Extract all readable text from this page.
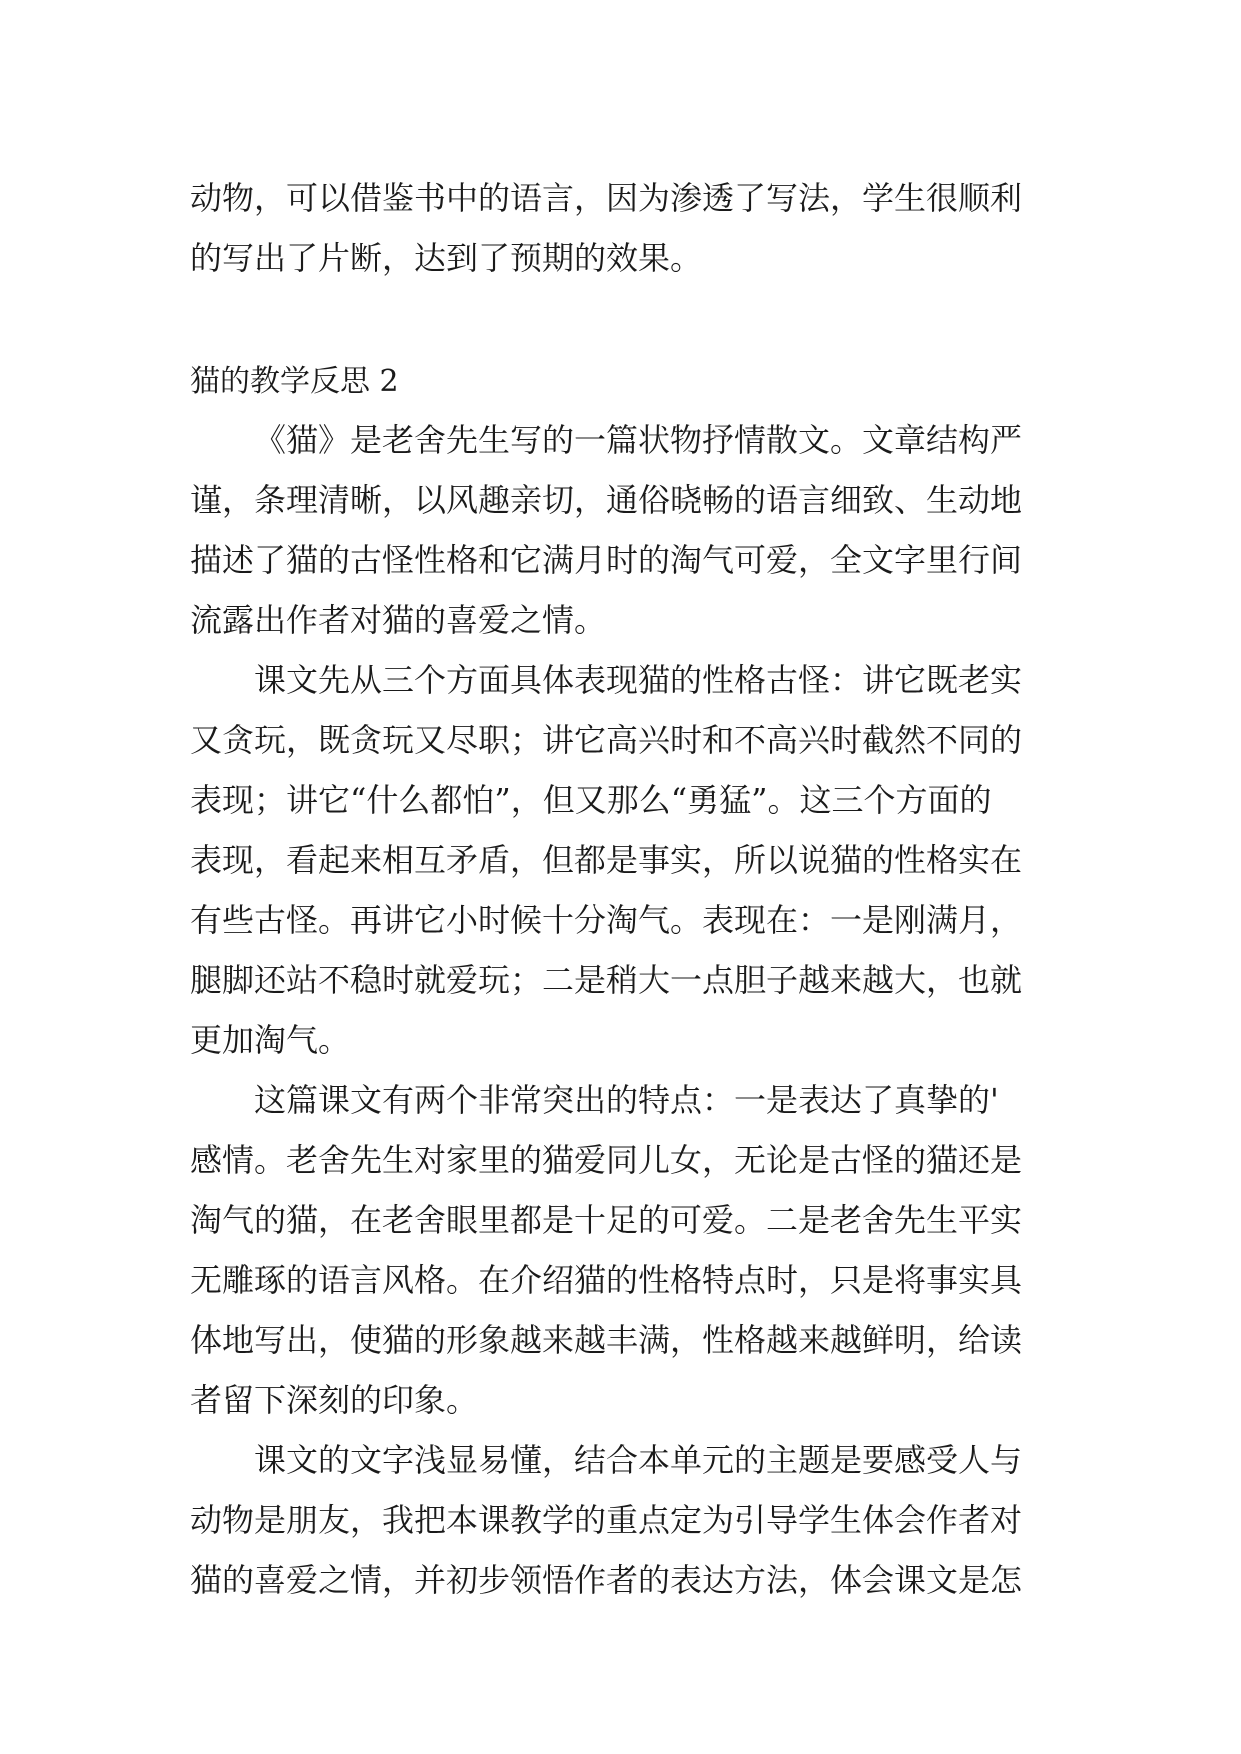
动物，可以借鉴书中的语言，因为渗透了写法，学生很顺利
的写出了片断，达到了预期的效果。
猫的教学反思 2
《猫》是老舍先生写的一篇状物抒情散文。文章结构严
谨，条理清晰，以风趣亲切，通俗晓畅的语言细致、生动地
描述了猫的古怪性格和它满月时的淘气可爱，全文字里行间
流露出作者对猫的喜爱之情。
课文先从三个方面具体表现猫的性格古怪：讲它既老实
又贪玩，既贪玩又尽职；讲它高兴时和不高兴时截然不同的
表现；讲它“什么都怕”，但又那么“勇猛”。这三个方面的
表现，看起来相互矛盾，但都是事实，所以说猫的性格实在
有些古怪。再讲它小时候十分淘气。表现在：一是刚满月，
腿脚还站不稳时就爱玩；二是稍大一点胆子越来越大，也就
更加淘气。
这篇课文有两个非常突出的特点：一是表达了真挚的'
感情。老舍先生对家里的猫爱同儿女，无论是古怪的猫还是
淘气的猫，在老舍眼里都是十足的可爱。二是老舍先生平实
无雕琢的语言风格。在介绍猫的性格特点时，只是将事实具
体地写出，使猫的形象越来越丰满，性格越来越鲜明，给读
者留下深刻的印象。
课文的文字浅显易懂，结合本单元的主题是要感受人与
动物是朋友，我把本课教学的重点定为引导学生体会作者对
猫的喜爱之情，并初步领悟作者的表达方法，体会课文是怎
